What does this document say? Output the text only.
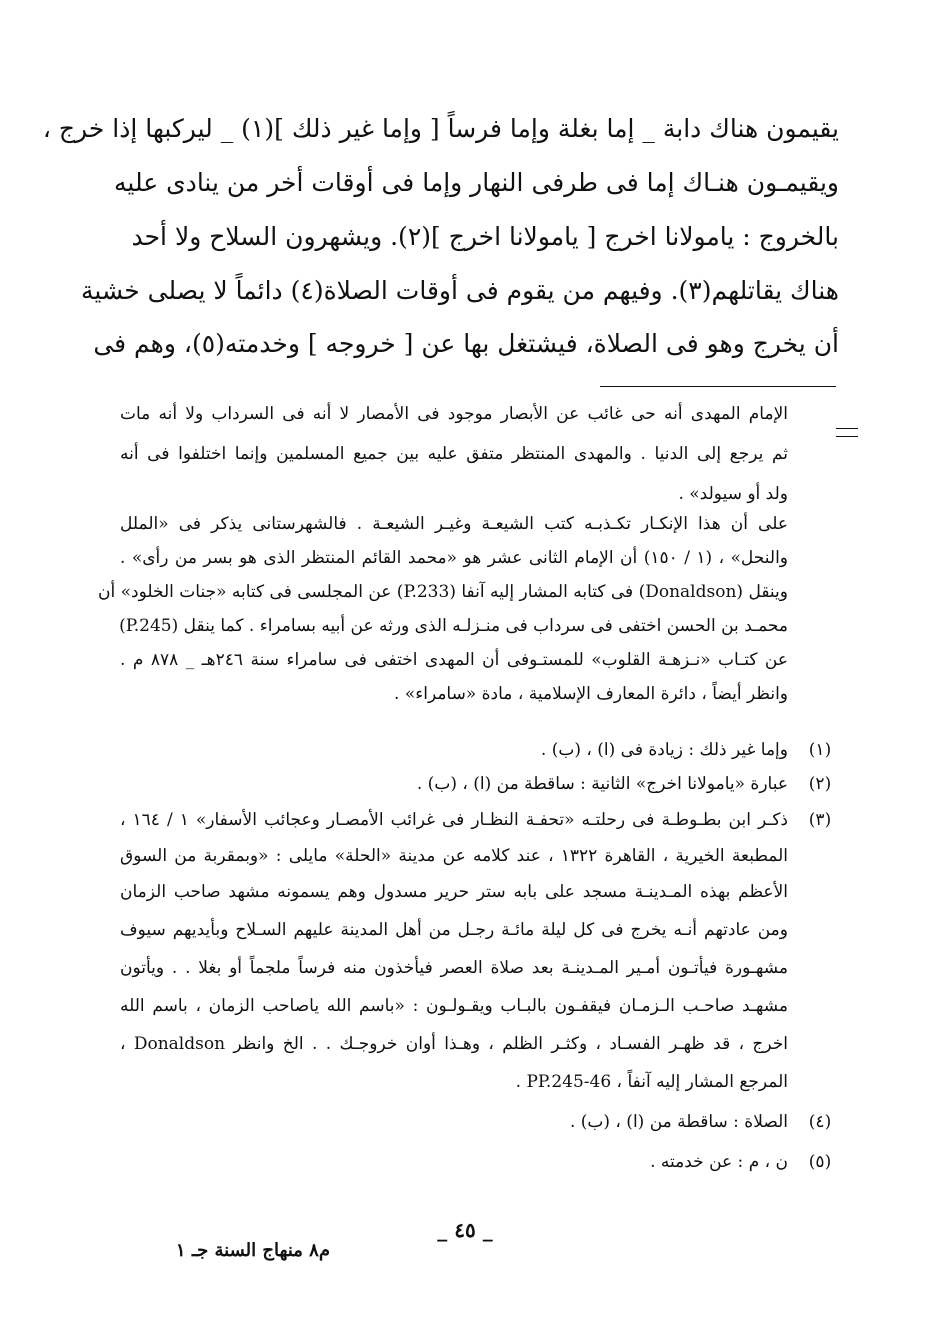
يقيمون هناك دابة _ إما بغلة وإما فرساً [ وإما غير ذلك ](١) _ ليركبها إذا خرج ،
ويقيمـون هنـاك إما فى طرفى النهار وإما فى أوقات أخر من ينادى عليه
بالخروج : يامولانا اخرج [ يامولانا اخرج ](٢). ويشهرون السلاح ولا أحد
هناك يقاتلهم(٣). وفيهم من يقوم فى أوقات الصلاة(٤) دائماً لا يصلى خشية
أن يخرج وهو فى الصلاة، فيشتغل بها عن [ خروجه ] وخدمته(٥)، وهم فى
الإمام المهدى أنه حى غائب عن الأبصار موجود فى الأمصار لا أنه فى السرداب ولا أنه مات
ثم يرجع إلى الدنيا . والمهدى المنتظر متفق عليه بين جميع المسلمين وإنما اختلفوا فى أنه
ولد أو سيولد» .
على أن هذا الإنكـار تكـذبـه كتب الشيعـة وغيـر الشيعـة . فالشهرستانى يذكر فى «الملل
والنحل» ، (١ / ١٥٠) أن الإمام الثانى عشر هو «محمد القائم المنتظر الذى هو بسر من رأى» .
وينقل (Donaldson) فى كتابه المشار إليه آنفا (P.233) عن المجلسى فى كتابه «جنات الخلود» أن
محمـد بن الحسن اختفى فى سرداب فى منـزلـه الذى ورثه عن أبيه بسامراء . كما ينقل (P.245)
عن كتـاب «نـزهـة القلوب» للمستـوفى أن المهدى اختفى فى سامراء سنة ٢٤٦هـ _ ٨٧٨ م .
وانظر أيضاً ، دائرة المعارف الإسلامية ، مادة «سامراء» .
(١)
وإما غير ذلك : زيادة فى (ا) ، (ب) .
(٢)
عبارة «يامولانا اخرج» الثانية : ساقطة من (ا) ، (ب) .
(٣)
ذكـر ابن بطـوطـة فى رحلتـه «تحفـة النظـار فى غرائب الأمصـار وعجائب الأسفار» ١ / ١٦٤ ،
المطبعة الخيرية ، القاهرة ١٣٢٢ ، عند كلامه عن مدينة «الحلة» مايلى : «وبمقربة من السوق
الأعظم بهذه المـدينـة مسجد على بابه ستر حرير مسدول وهم يسمونه مشهد صاحب الزمان
ومن عادتهم أنـه يخرج فى كل ليلة مائـة رجـل من أهل المدينة عليهم السـلاح وبأيديهم سيوف
مشهـورة فيأتـون أمـير المـدينـة بعد صلاة العصر فيأخذون منه فرساً ملجماً أو بغلا . . ويأتون
مشهـد صاحـب الـزمـان فيقفـون بالبـاب ويقـولـون : «باسم الله ياصاحب الزمان ، باسم الله
اخرج ، قد ظهـر الفسـاد ، وكثـر الظلم ، وهـذا أوان خروجـك . . الخ وانظر Donaldson ،
المرجع المشار إليه آنفاً ، PP.245-46 .
(٤)
الصلاة : ساقطة من (ا) ، (ب) .
(٥)
ن ، م : عن خدمته .
_ ٤٥ _
م٨ منهاج السنة جـ ١
